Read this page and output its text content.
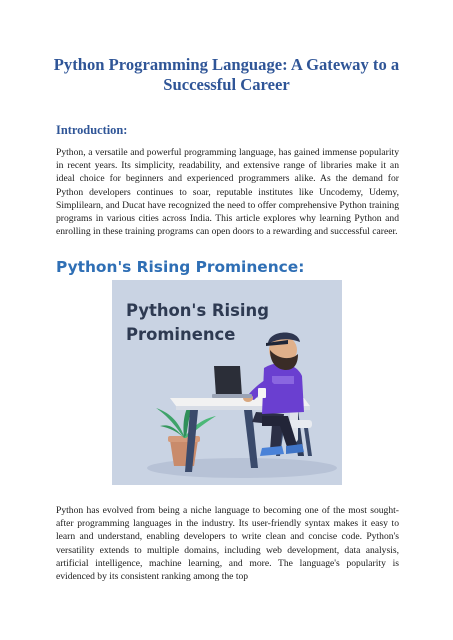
Python Programming Language: A Gateway to a Successful Career
Introduction:

Python, a versatile and powerful programming language, has gained immense popularity in recent years. Its simplicity, readability, and extensive range of libraries make it an ideal choice for beginners and experienced programmers alike. As the demand for Python developers continues to soar, reputable institutes like Uncodemy, Udemy, Simplilearn, and Ducat have recognized the need to offer comprehensive Python training programs in various cities across India. This article explores why learning Python and enrolling in these training programs can open doors to a rewarding and successful career.

Python's Rising Prominence:

Python's Rising Prominence

Python has evolved from being a niche language to becoming one of the most sought-after programming languages in the industry. Its user-friendly syntax makes it easy to learn and understand, enabling developers to write clean and concise code. Python's versatility extends to multiple domains, including web development, data analysis, artificial intelligence, machine learning, and more. The language's popularity is evidenced by its consistent ranking among the top
